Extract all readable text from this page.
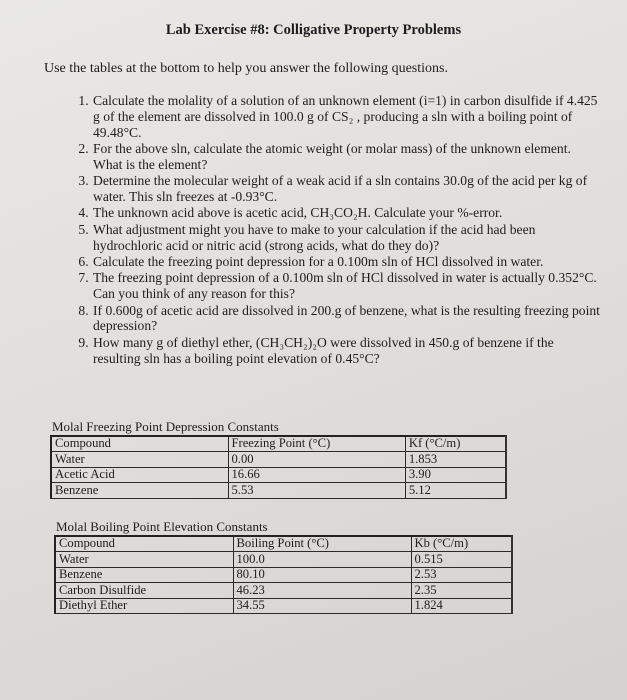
Lab Exercise #8: Colligative Property Problems
Use the tables at the bottom to help you answer the following questions.
1. Calculate the molality of a solution of an unknown element (i=1) in carbon disulfide if 4.425 g of the element are dissolved in 100.0 g of CS₂ , producing a sln with a boiling point of 49.48°C.
2. For the above sln, calculate the atomic weight (or molar mass) of the unknown element. What is the element?
3. Determine the molecular weight of a weak acid if a sln contains 30.0g of the acid per kg of water. This sln freezes at -0.93°C.
4. The unknown acid above is acetic acid, CH₃CO₂H. Calculate your %-error.
5. What adjustment might you have to make to your calculation if the acid had been hydrochloric acid or nitric acid (strong acids, what do they do)?
6. Calculate the freezing point depression for a 0.100m sln of HCl dissolved in water.
7. The freezing point depression of a 0.100m sln of HCl dissolved in water is actually 0.352°C. Can you think of any reason for this?
8. If 0.600g of acetic acid are dissolved in 200.g of benzene, what is the resulting freezing point depression?
9. How many g of diethyl ether, (CH₃CH₂)₂O were dissolved in 450.g of benzene if the resulting sln has a boiling point elevation of 0.45°C?
Molal Freezing Point Depression Constants
Compound	Freezing Point (°C)	Kf (°C/m)
Water	0.00	1.853
Acetic Acid	16.66	3.90
Benzene	5.53	5.12
Molal Boiling Point Elevation Constants
Compound	Boiling Point (°C)	Kb (°C/m)
Water	100.0	0.515
Benzene	80.10	2.53
Carbon Disulfide	46.23	2.35
Diethyl Ether	34.55	1.824
